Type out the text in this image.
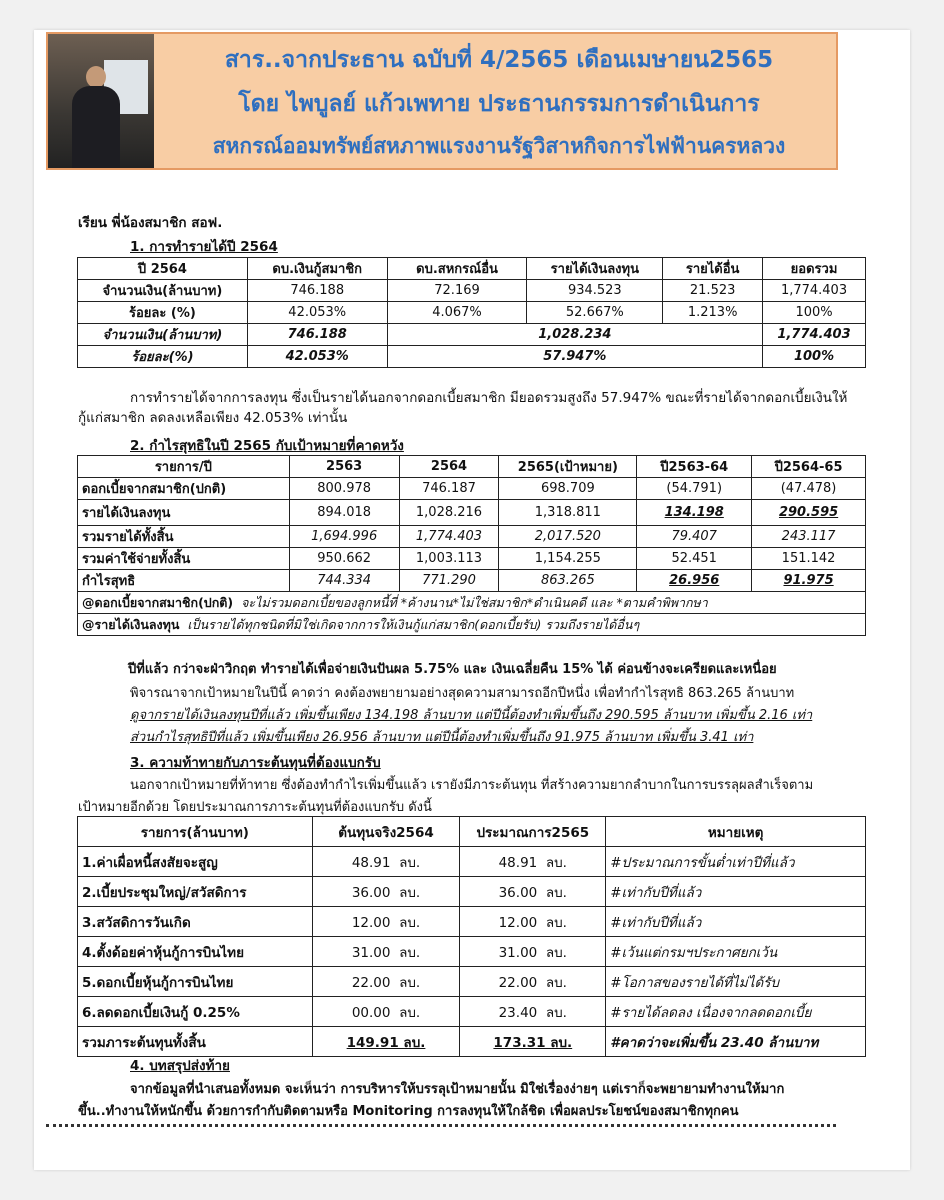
สาร..จากประธาน ฉบับที่ 4/2565 เดือนเมษายน2565
โดย ไพบูลย์ แก้วเพทาย ประธานกรรมการดำเนินการ
สหกรณ์ออมทรัพย์สหภาพแรงงานรัฐวิสาหกิจการไฟฟ้านครหลวง
เรียน พี่น้องสมาชิก สอฟ.
1. การทำรายได้ปี 2564
ปี 2564	ดบ.เงินกู้สมาชิก	ดบ.สหกรณ์อื่น	รายได้เงินลงทุน	รายได้อื่น	ยอดรวม
จำนวนเงิน(ล้านบาท)	746.188	72.169	934.523	21.523	1,774.403
ร้อยละ (%)	42.053%	4.067%	52.667%	1.213%	100%
จำนวนเงิน(ล้านบาท)	746.188	1,028.234			1,774.403
ร้อยละ(%)	42.053%	57.947%			100%
การทำรายได้จากการลงทุน ซึ่งเป็นรายได้นอกจากดอกเบี้ยสมาชิก มียอดรวมสูงถึง 57.947% ขณะที่รายได้จากดอกเบี้ยเงินให้
กู้แก่สมาชิก ลดลงเหลือเพียง 42.053% เท่านั้น
2. กำไรสุทธิในปี 2565 กับเป้าหมายที่คาดหวัง
รายการ/ปี	2563	2564	2565(เป้าหมาย)	ปี2563-64	ปี2564-65
ดอกเบี้ยจากสมาชิก(ปกติ)	800.978	746.187	698.709	(54.791)	(47.478)
รายได้เงินลงทุน	894.018	1,028.216	1,318.811	134.198	290.595
รวมรายได้ทั้งสิ้น	1,694.996	1,774.403	2,017.520	79.407	243.117
รวมค่าใช้จ่ายทั้งสิ้น	950.662	1,003.113	1,154.255	52.451	151.142
กำไรสุทธิ	744.334	771.290	863.265	26.956	91.975
@ดอกเบี้ยจากสมาชิก(ปกติ) จะไม่รวมดอกเบี้ยของลูกหนี้ที่ *ค้างนาน*ไม่ใช่สมาชิก*ดำเนินคดี และ *ตามคำพิพากษา					
@รายได้เงินลงทุน เป็นรายได้ทุกชนิดที่มิใช่เกิดจากการให้เงินกู้แก่สมาชิก(ดอกเบี้ยรับ) รวมถึงรายได้อื่นๆ					
ปีที่แล้ว กว่าจะฝ่าวิกฤต ทำรายได้เพื่อจ่ายเงินปันผล 5.75% และ เงินเฉลี่ยคืน 15% ได้ ค่อนข้างจะเครียดและเหนื่อย
พิจารณาจากเป้าหมายในปีนี้ คาดว่า คงต้องพยายามอย่างสุดความสามารถอีกปีหนึ่ง เพื่อทำกำไรสุทธิ 863.265 ล้านบาท
ดูจากรายได้เงินลงทุนปีที่แล้ว เพิ่มขึ้นเพียง 134.198 ล้านบาท แต่ปีนี้ต้องทำเพิ่มขึ้นถึง 290.595 ล้านบาท เพิ่มขึ้น 2.16 เท่า
ส่วนกำไรสุทธิปีที่แล้ว เพิ่มขึ้นเพียง 26.956 ล้านบาท แต่ปีนี้ต้องทำเพิ่มขึ้นถึง 91.975 ล้านบาท เพิ่มขึ้น 3.41 เท่า
3. ความท้าทายกับภาระต้นทุนที่ต้องแบกรับ
นอกจากเป้าหมายที่ท้าทาย ซึ่งต้องทำกำไรเพิ่มขึ้นแล้ว เรายังมีภาระต้นทุน ที่สร้างความยากลำบากในการบรรลุผลสำเร็จตาม
เป้าหมายอีกด้วย โดยประมาณการภาระต้นทุนที่ต้องแบกรับ ดังนี้
รายการ(ล้านบาท)	ต้นทุนจริง2564	ประมาณการ2565	หมายเหตุ
1.ค่าเผื่อหนี้สงสัยจะสูญ	48.91 ลบ.	48.91 ลบ.	#ประมาณการขั้นต่ำเท่าปีที่แล้ว
2.เบี้ยประชุมใหญ่/สวัสดิการ	36.00 ลบ.	36.00 ลบ.	#เท่ากับปีที่แล้ว
3.สวัสดิการวันเกิด	12.00 ลบ.	12.00 ลบ.	#เท่ากับปีที่แล้ว
4.ตั้งด้อยค่าหุ้นกู้การบินไทย	31.00 ลบ.	31.00 ลบ.	#เว้นแต่กรมฯประกาศยกเว้น
5.ดอกเบี้ยหุ้นกู้การบินไทย	22.00 ลบ.	22.00 ลบ.	#โอกาสของรายได้ที่ไม่ได้รับ
6.ลดดอกเบี้ยเงินกู้ 0.25%	00.00 ลบ.	23.40 ลบ.	#รายได้ลดลง เนื่องจากลดดอกเบี้ย
รวมภาระต้นทุนทั้งสิ้น	149.91 ลบ.	173.31 ลบ.	#คาดว่าจะเพิ่มขึ้น 23.40 ล้านบาท
4. บทสรุปส่งท้าย
จากข้อมูลที่นำเสนอทั้งหมด จะเห็นว่า การบริหารให้บรรลุเป้าหมายนั้น มิใช่เรื่องง่ายๆ แต่เราก็จะพยายามทำงานให้มาก
ขึ้น..ทำงานให้หนักขึ้น ด้วยการกำกับติดตามหรือ Monitoring การลงทุนให้ใกล้ชิด เพื่อผลประโยชน์ของสมาชิกทุกคน
